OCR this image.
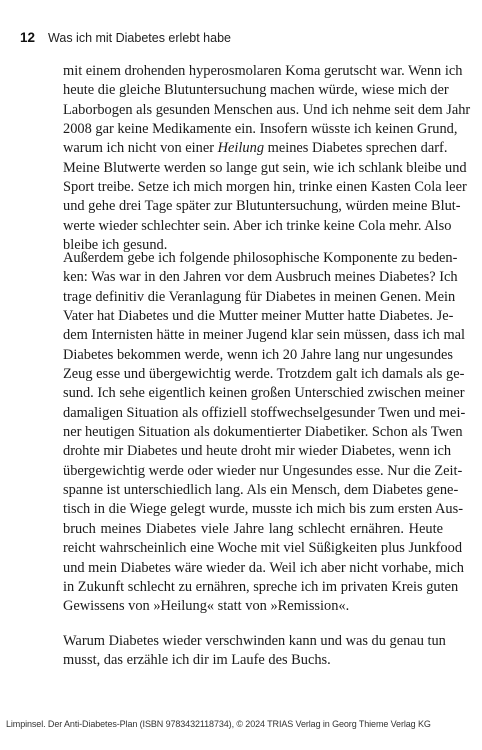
12 Was ich mit Diabetes erlebt habe

mit einem drohenden hyperosmolaren Koma gerutscht war. Wenn ich
heute die gleiche Blutuntersuchung machen würde, wiese mich der
Laborbogen als gesunden Menschen aus. Und ich nehme seit dem Jahr
2008 gar keine Medikamente ein. Insofern wüsste ich keinen Grund,
warum ich nicht von einer Heilung meines Diabetes sprechen darf.
Meine Blutwerte werden so lange gut sein, wie ich schlank bleibe und
Sport treibe. Setze ich mich morgen hin, trinke einen Kasten Cola leer
und gehe drei Tage später zur Blutuntersuchung, würden meine Blut-
werte wieder schlechter sein. Aber ich trinke keine Cola mehr. Also
bleibe ich gesund.

Außerdem gebe ich folgende philosophische Komponente zu beden-
ken: Was war in den Jahren vor dem Ausbruch meines Diabetes? Ich
trage definitiv die Veranlagung für Diabetes in meinen Genen. Mein
Vater hat Diabetes und die Mutter meiner Mutter hatte Diabetes. Je-
dem Internisten hätte in meiner Jugend klar sein müssen, dass ich mal
Diabetes bekommen werde, wenn ich 20 Jahre lang nur ungesundes
Zeug esse und übergewichtig werde. Trotzdem galt ich damals als ge-
sund. Ich sehe eigentlich keinen großen Unterschied zwischen meiner
damaligen Situation als offiziell stoffwechselgesunder Twen und mei-
ner heutigen Situation als dokumentierter Diabetiker. Schon als Twen
drohte mir Diabetes und heute droht mir wieder Diabetes, wenn ich
übergewichtig werde oder wieder nur Ungesundes esse. Nur die Zeit-
spanne ist unterschiedlich lang. Als ein Mensch, dem Diabetes gene-
tisch in die Wiege gelegt wurde, musste ich mich bis zum ersten Aus-
bruch meines Diabetes viele Jahre lang schlecht ernähren. Heute
reicht wahrscheinlich eine Woche mit viel Süßigkeiten plus Junkfood
und mein Diabetes wäre wieder da. Weil ich aber nicht vorhabe, mich
in Zukunft schlecht zu ernähren, spreche ich im privaten Kreis guten
Gewissens von »Heilung« statt von »Remission«.

Warum Diabetes wieder verschwinden kann und was du genau tun
musst, das erzähle ich dir im Laufe des Buchs.

Limpinsel. Der Anti-Diabetes-Plan (ISBN 9783432118734), © 2024 TRIAS Verlag in Georg Thieme Verlag KG
